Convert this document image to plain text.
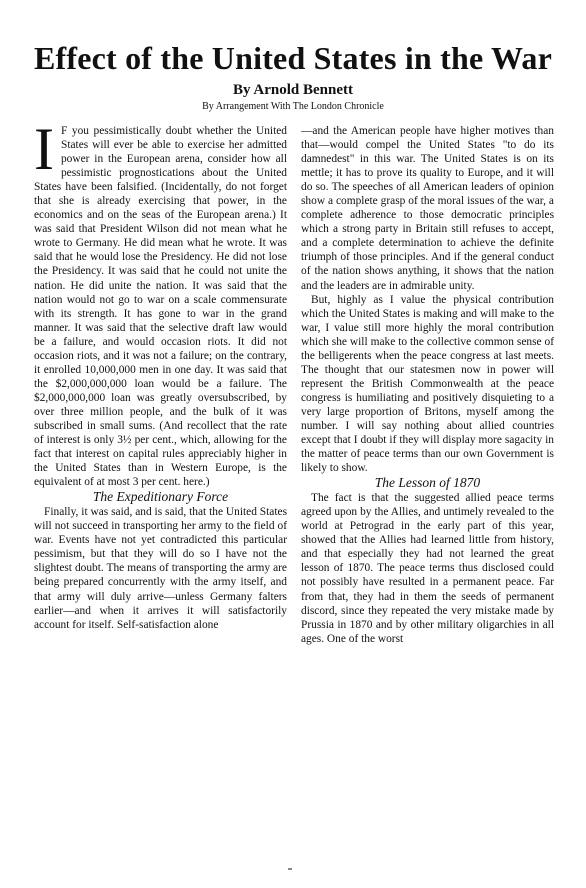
Effect of the United States in the War
By Arnold Bennett
By Arrangement With The London Chronicle

I F you pessimistically doubt whether the United States will ever be able to exercise her admitted power in the European arena, consider how all pessimistic prognostications about the United States have been falsified. (Incidentally, do not forget that she is already exercising that power, in the economics and on the seas of the European arena.) It was said that President Wilson did not mean what he wrote to Germany. He did mean what he wrote. It was said that he would lose the Presidency. He did not lose the Presidency. It was said that he could not unite the nation. He did unite the nation. It was said that the nation would not go to war on a scale commensurate with its strength. It has gone to war in the grand manner. It was said that the selective draft law would be a failure, and would occasion riots. It did not occasion riots, and it was not a failure; on the contrary, it enrolled 10,000,000 men in one day. It was said that the $2,000,000,000 loan would be a failure. The $2,000,000,000 loan was greatly oversubscribed, by over three million people, and the bulk of it was subscribed in small sums. (And recollect that the rate of interest is only 3½ per cent., which, allowing for the fact that interest on capital rules appreciably higher in the United States than in Western Europe, is the equivalent of at most 3 per cent. here.)

The Expeditionary Force

Finally, it was said, and is said, that the United States will not succeed in transporting her army to the field of war. Events have not yet contradicted this particular pessimism, but that they will do so I have not the slightest doubt. The means of transporting the army are being prepared concurrently with the army itself, and that army will duly arrive—unless Germany falters earlier—and when it arrives it will satisfactorily account for itself. Self-satisfaction alone

—and the American people have higher motives than that—would compel the United States "to do its damnedest" in this war. The United States is on its mettle; it has to prove its quality to Europe, and it will do so. The speeches of all American leaders of opinion show a complete grasp of the moral issues of the war, a complete adherence to those democratic principles which a strong party in Britain still refuses to accept, and a complete determination to achieve the definite triumph of those principles. And if the general conduct of the nation shows anything, it shows that the nation and the leaders are in admirable unity.

But, highly as I value the physical contribution which the United States is making and will make to the war, I value still more highly the moral contribution which she will make to the collective common sense of the belligerents when the peace congress at last meets. The thought that our statesmen now in power will represent the British Commonwealth at the peace congress is humiliating and positively disquieting to a very large proportion of Britons, myself among the number. I will say nothing about allied countries except that I doubt if they will display more sagacity in the matter of peace terms than our own Government is likely to show.

The Lesson of 1870

The fact is that the suggested allied peace terms agreed upon by the Allies, and untimely revealed to the world at Petrograd in the early part of this year, showed that the Allies had learned little from history, and that especially they had not learned the great lesson of 1870. The peace terms thus disclosed could not possibly have resulted in a permanent peace. Far from that, they had in them the seeds of permanent discord, since they repeated the very mistake made by Prussia in 1870 and by other military oligarchies in all ages. One of the worst
